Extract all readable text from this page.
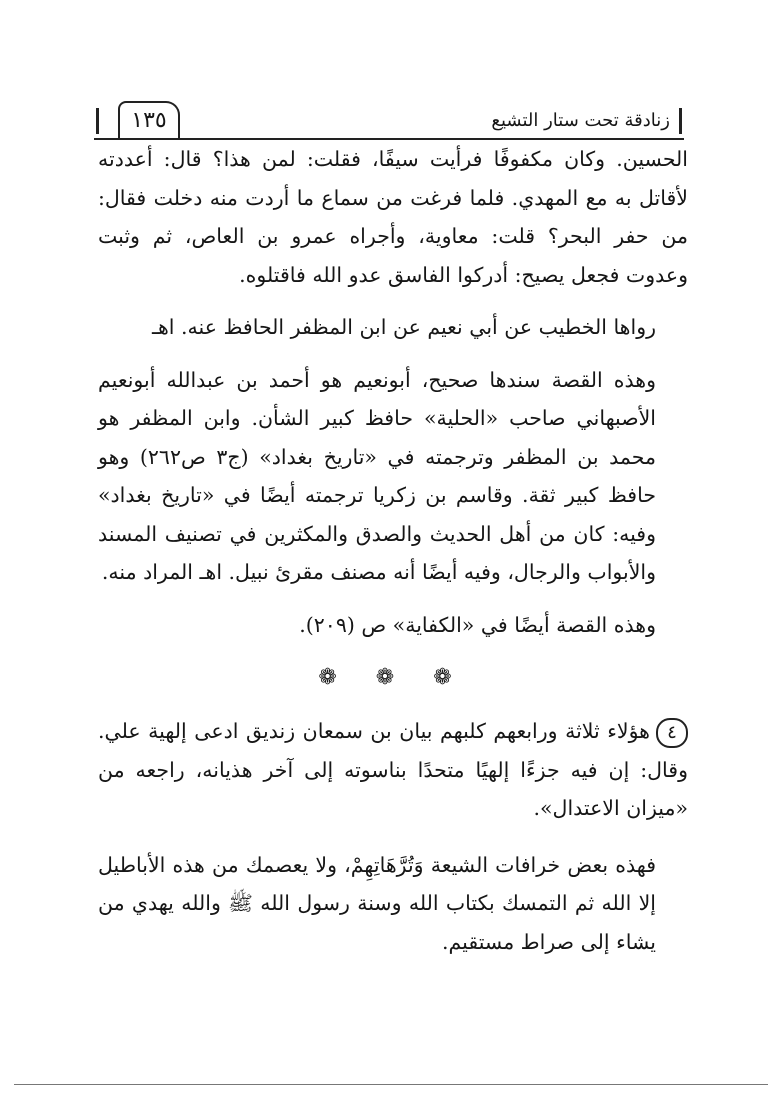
١٣٥	زنادقة تحت ستار التشيع

الحسين. وكان مكفوفًا فرأيت سيفًا، فقلت: لمن هذا؟ قال: أعددته لأقاتل به مع المهدي. فلما فرغت من سماع ما أردت منه دخلت فقال: من حفر البحر؟ قلت: معاوية، وأجراه عمرو بن العاص، ثم وثبت وعدوت فجعل يصيح: أدركوا الفاسق عدو الله فاقتلوه.

رواها الخطيب عن أبي نعيم عن ابن المظفر الحافظ عنه. اهـ

وهذه القصة سندها صحيح، أبونعيم هو أحمد بن عبدالله أبونعيم الأصبهاني صاحب «الحلية» حافظ كبير الشأن. وابن المظفر هو محمد بن المظفر وترجمته في «تاريخ بغداد» (ج٣ ص٢٦٢) وهو حافظ كبير ثقة. وقاسم بن زكريا ترجمته أيضًا في «تاريخ بغداد» وفيه: كان من أهل الحديث والصدق والمكثرين في تصنيف المسند والأبواب والرجال، وفيه أيضًا أنه مصنف مقرئ نبيل. اهـ المراد منه.

وهذه القصة أيضًا في «الكفاية» ص (٢٠٩).

❁ ❁ ❁

٤هؤلاء ثلاثة ورابعهم كلبهم بيان بن سمعان زنديق ادعى إلهية علي. وقال: إن فيه جزءًا إلهيًا متحدًا بناسوته إلى آخر هذيانه، راجعه من «ميزان الاعتدال».

فهذه بعض خرافات الشيعة وَتُرَّهَاتِهِمْ، ولا يعصمك من هذه الأباطيل إلا الله ثم التمسك بكتاب الله وسنة رسول الله ﷺ والله يهدي من يشاء إلى صراط مستقيم.
